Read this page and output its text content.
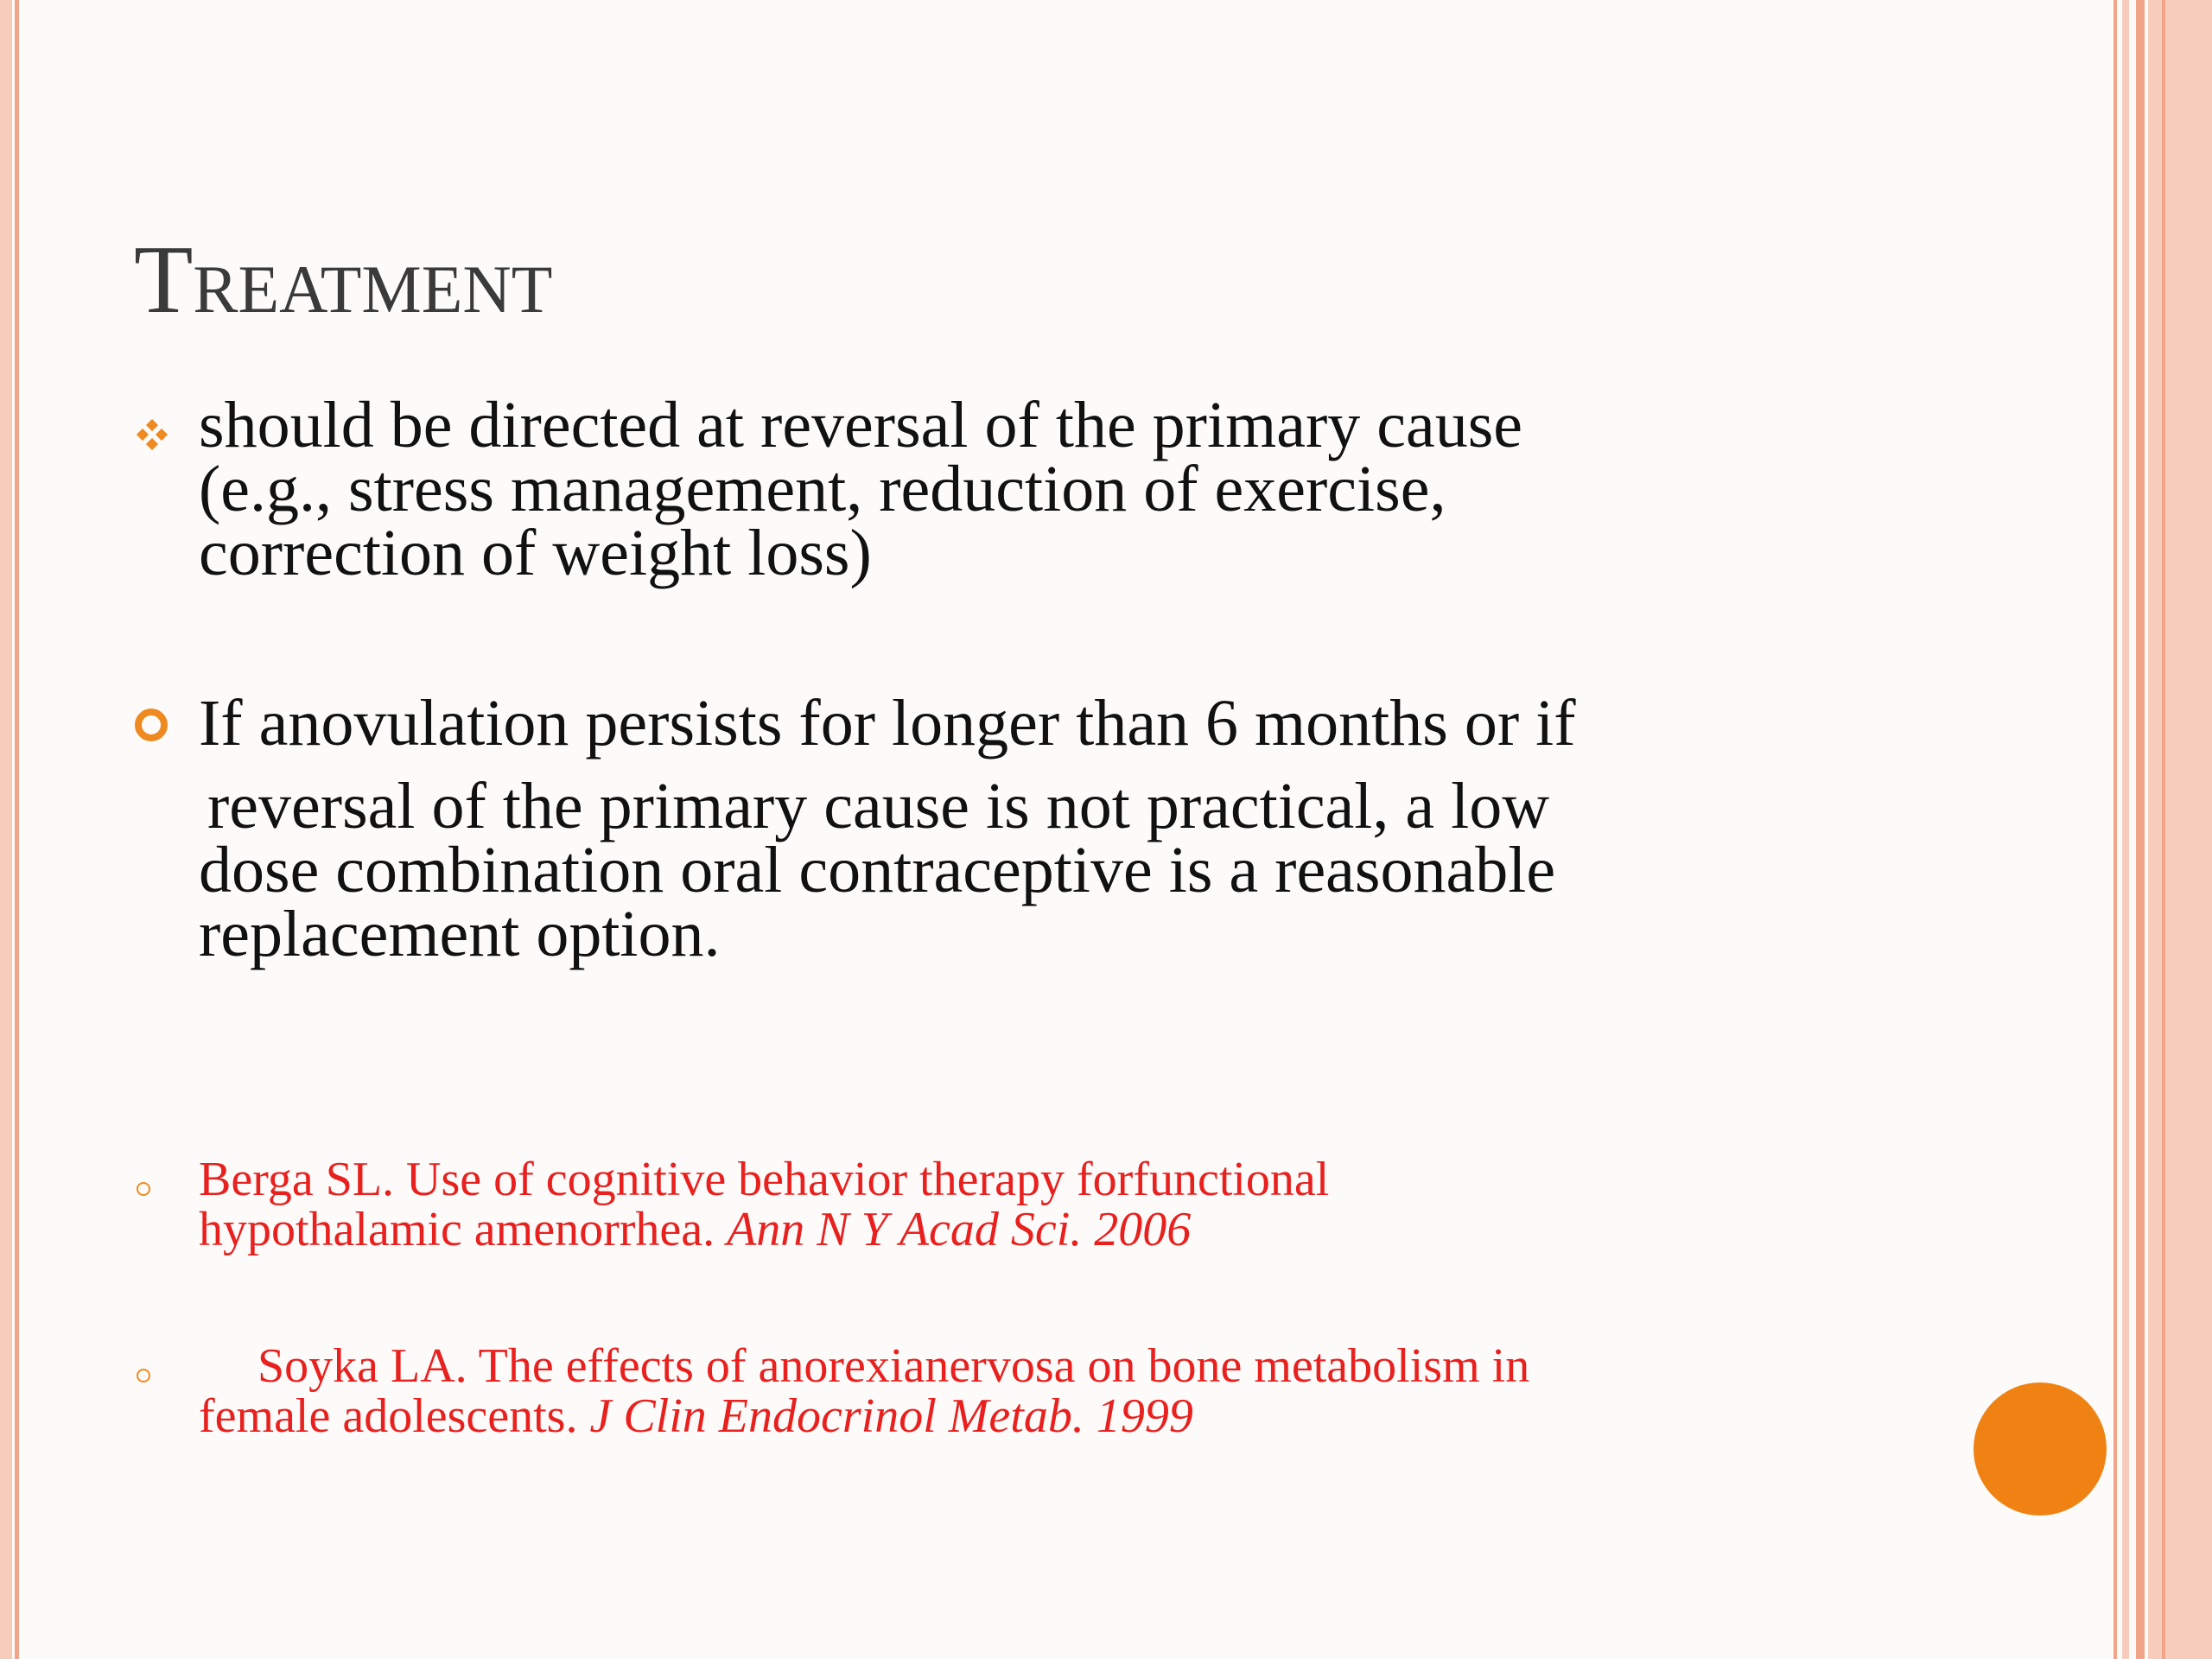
Treatment
should be directed at reversal of the primary cause
(e.g., stress management, reduction of exercise,
correction of weight loss)
If anovulation persists for longer than 6 months or if
reversal of the primary cause is not practical, a low
dose combination oral contraceptive is a reasonable
replacement option.
Berga SL. Use of cognitive behavior therapy forfunctional
hypothalamic amenorrhea. Ann N Y Acad Sci. 2006
Soyka LA. The effects of anorexianervosa on bone metabolism in
female adolescents. J Clin Endocrinol Metab. 1999
